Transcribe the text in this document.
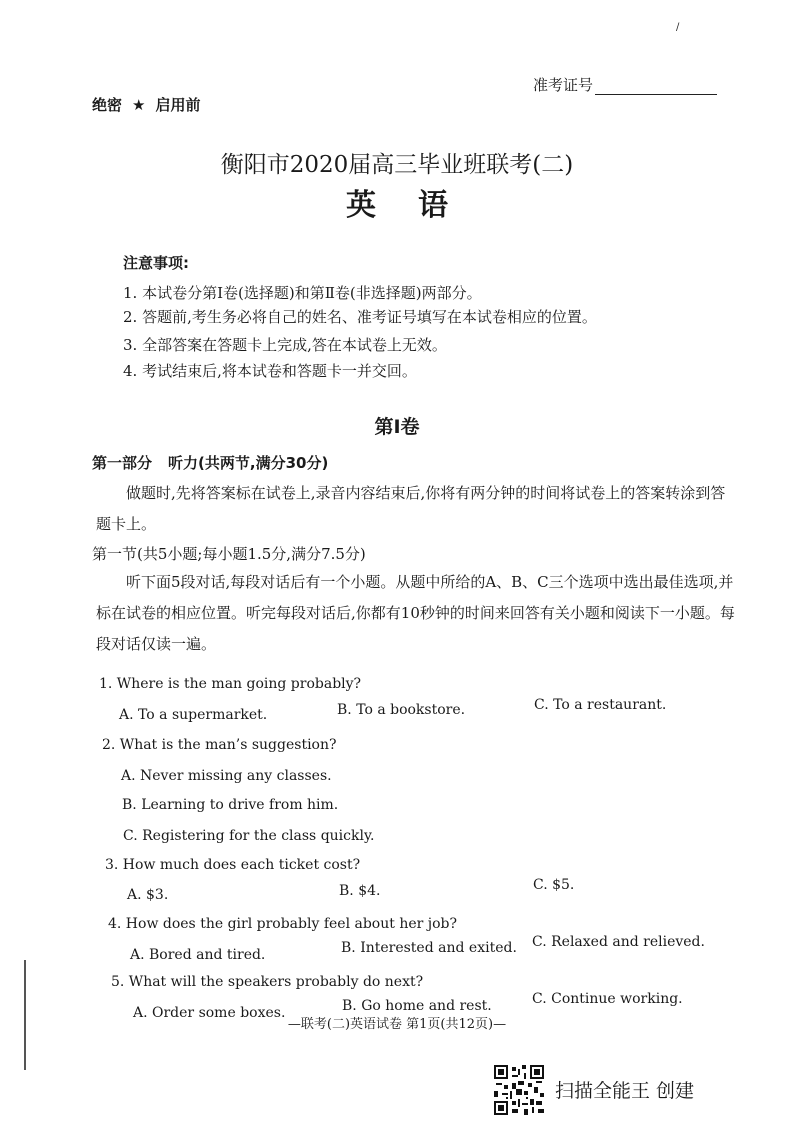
/
准考证号
绝密 ★ 启用前
衡阳市2020届高三毕业班联考(二)
英语
注意事项:
1. 本试卷分第Ⅰ卷(选择题)和第Ⅱ卷(非选择题)两部分。
2. 答题前,考生务必将自己的姓名、准考证号填写在本试卷相应的位置。
3. 全部答案在答题卡上完成,答在本试卷上无效。
4. 考试结束后,将本试卷和答题卡一并交回。
第Ⅰ卷
第一部分 听力(共两节,满分30分)
做题时,先将答案标在试卷上,录音内容结束后,你将有两分钟的时间将试卷上的答案转涂到答题卡上。
第一节(共5小题;每小题1.5分,满分7.5分)
听下面5段对话,每段对话后有一个小题。从题中所给的A、B、C三个选项中选出最佳选项,并标在试卷的相应位置。听完每段对话后,你都有10秒钟的时间来回答有关小题和阅读下一小题。每段对话仅读一遍。
1. Where is the man going probably?
A. To a supermarket.	B. To a bookstore.	C. To a restaurant.
2. What is the man’s suggestion?
A. Never missing any classes.
B. Learning to drive from him.
C. Registering for the class quickly.
3. How much does each ticket cost?
A. $3.	B. $4.	C. $5.
4. How does the girl probably feel about her job?
A. Bored and tired.	B. Interested and exited. C. Relaxed and relieved.
5. What will the speakers probably do next?
A. Order some boxes.	B. Go home and rest.	C. Continue working.
—联考(二)英语试卷 第1页(共12页)—
扫描全能王 创建
